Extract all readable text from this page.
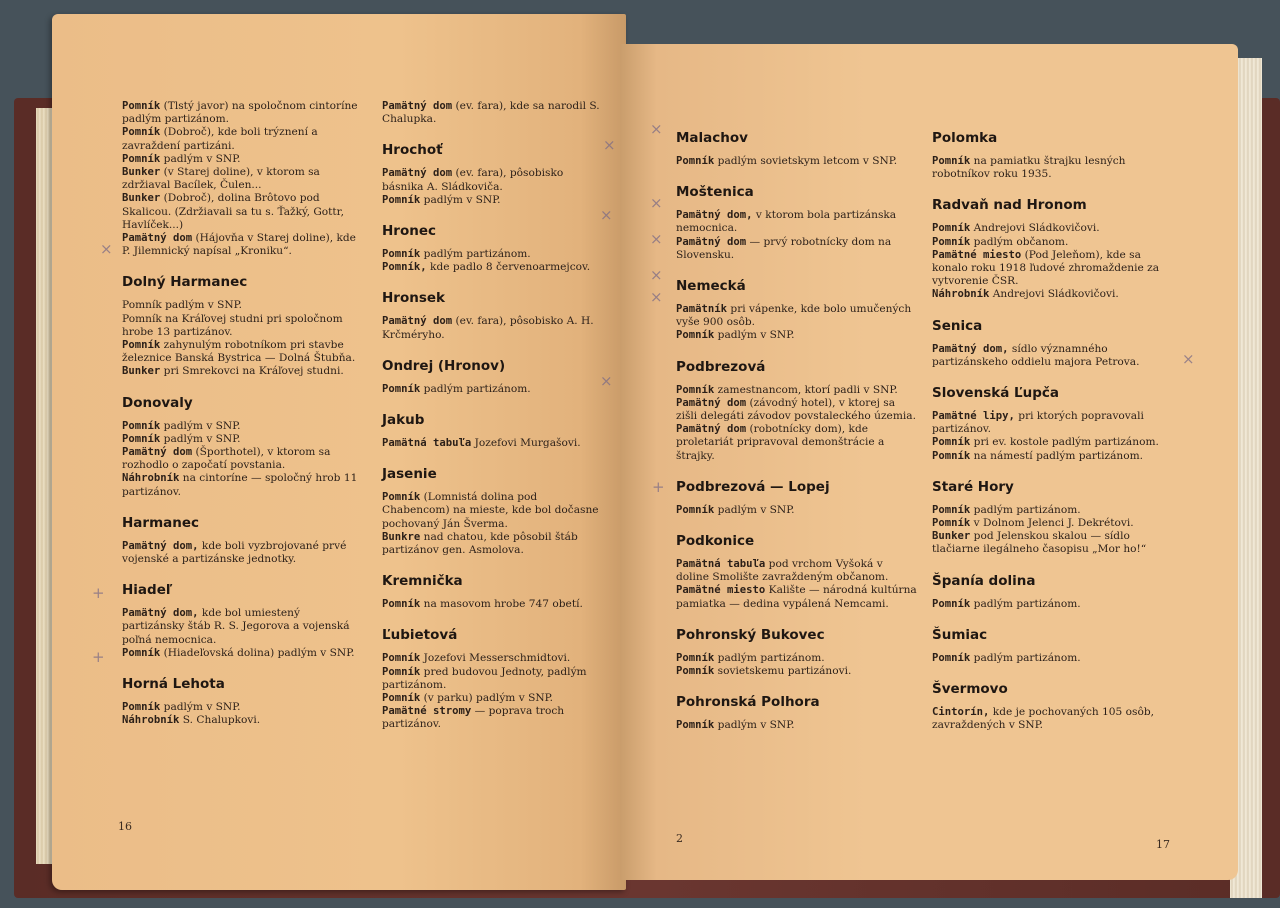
Pomník (Tlstý javor) na spoločnom cintoríne padlým partizánom.
Pomník (Dobroč), kde boli trýznení a zavraždení partizáni.
Pomník padlým v SNP.
Bunker (v Starej doline), v ktorom sa zdržiaval Bacílek, Čulen...
Bunker (Dobroč), dolina Brôtovo pod Skalicou. (Zdržiavali sa tu s. Ťažký, Gottr, Havlíček...)
Pamätný dom (Hájovňa v Starej doline), kde P. Jilemnický napísal „Kroniku“.
Dolný Harmanec
Pomník padlým v SNP.
Pomník na Kráľovej studni pri spoločnom hrobe 13 partizánov.
Pomník zahynulým robotníkom pri stavbe železnice Banská Bystrica — Dolná Štubňa.
Bunker pri Smrekovci na Kráľovej studni.
Donovaly
Pomník padlým v SNP.
Pomník padlým v SNP.
Pamätný dom (Športhotel), v ktorom sa rozhodlo o započatí povstania.
Náhrobník na cintoríne — spoločný hrob 11 partizánov.
Harmanec
Pamätný dom, kde boli vyzbrojované prvé vojenské a partizánske jednotky.
Hiadeľ
Pamätný dom, kde bol umiestený partizánsky štáb R. S. Jegorova a vojenská poľná nemocnica.
Pomník (Hiadeľovská dolina) padlým v SNP.
Horná Lehota
Pomník padlým v SNP.
Náhrobník S. Chalupkovi.
Pamätný dom (ev. fara), kde sa narodil S. Chalupka.
Hrochoť
Pamätný dom (ev. fara), pôsobisko básnika A. Sládkoviča.
Pomník padlým v SNP.
Hronec
Pomník padlým partizánom.
Pomník, kde padlo 8 červenoarmejcov.
Hronsek
Pamätný dom (ev. fara), pôsobisko A. H. Krčméryho.
Ondrej (Hronov)
Pomník padlým partizánom.
Jakub
Pamätná tabuľa Jozefovi Murgašovi.
Jasenie
Pomník (Lomnistá dolina pod Chabencom) na mieste, kde bol dočasne pochovaný Ján Šverma.
Bunkre nad chatou, kde pôsobil štáb partizánov gen. Asmolova.
Kremnička
Pomník na masovom hrobe 747 obetí.
Ľubietová
Pomník Jozefovi Messerschmidtovi.
Pomník pred budovou Jednoty, padlým partizánom.
Pomník (v parku) padlým v SNP.
Pamätné stromy — poprava troch partizánov.
16
×
+
+
×
×
×
Malachov
Pomník padlým sovietskym letcom v SNP.
Moštenica
Pamätný dom, v ktorom bola partizánska nemocnica.
Pamätný dom — prvý robotnícky dom na Slovensku.
Nemecká
Pamätník pri vápenke, kde bolo umučených vyše 900 osôb.
Pomník padlým v SNP.
Podbrezová
Pomník zamestnancom, ktorí padli v SNP.
Pamätný dom (závodný hotel), v ktorej sa zišli delegáti závodov povstaleckého územia.
Pamätný dom (robotnícky dom), kde proletariát pripravoval demonštrácie a štrajky.
Podbrezová — Lopej
Pomník padlým v SNP.
Podkonice
Pamätná tabuľa pod vrchom Vyšoká v doline Smolište zavraždeným občanom.
Pamätné miesto Kalište — národná kultúrna pamiatka — dedina vypálená Nemcami.
Pohronský Bukovec
Pomník padlým partizánom.
Pomník sovietskemu partizánovi.
Pohronská Polhora
Pomník padlým v SNP.
Polomka
Pomník na pamiatku štrajku lesných robotníkov roku 1935.
Radvaň nad Hronom
Pomník Andrejovi Sládkovičovi.
Pomník padlým občanom.
Pamätné miesto (Pod Jeleňom), kde sa konalo roku 1918 ľudové zhromaždenie za vytvorenie ČSR.
Náhrobník Andrejovi Sládkovičovi.
Senica
Pamätný dom, sídlo významného partizánskeho oddielu majora Petrova.
Slovenská Ľupča
Pamätné lipy, pri ktorých popravovali partizánov.
Pomník pri ev. kostole padlým partizánom.
Pomník na námestí padlým partizánom.
Staré Hory
Pomník padlým partizánom.
Pomník v Dolnom Jelenci J. Dekrétovi.
Bunker pod Jelenskou skalou — sídlo tlačiarne ilegálneho časopisu „Mor ho!“
Španía dolina
Pomník padlým partizánom.
Šumiac
Pomník padlým partizánom.
Švermovo
Cintorín, kde je pochovaných 105 osôb, zavraždených v SNP.
2	17
×
×
+
×
×
×
×
